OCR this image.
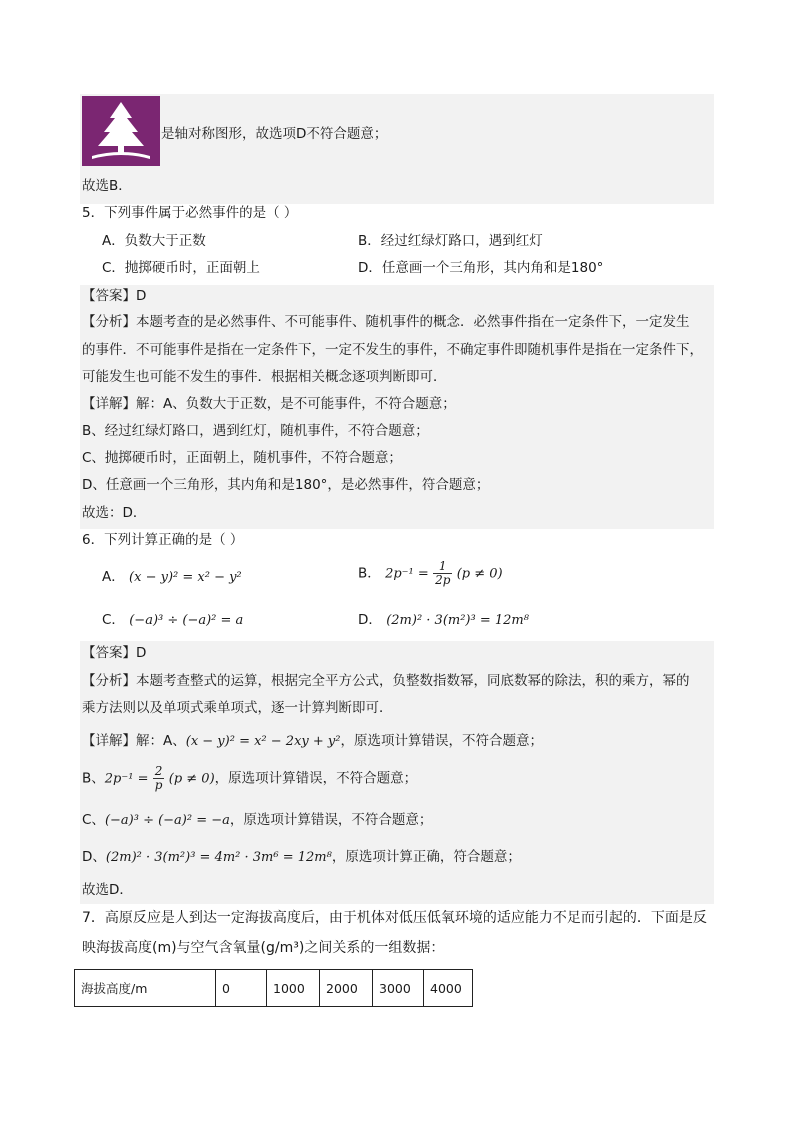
是轴对称图形，故选项D不符合题意；
故选B．
5．下列事件属于必然事件的是（ ）
A．负数大于正数	B．经过红绿灯路口，遇到红灯
C．抛掷硬币时，正面朝上	D．任意画一个三角形，其内角和是180°
【答案】D
【分析】本题考查的是必然事件、不可能事件、随机事件的概念．必然事件指在一定条件下，一定发生
的事件．不可能事件是指在一定条件下，一定不发生的事件，不确定事件即随机事件是指在一定条件下，
可能发生也可能不发生的事件．根据相关概念逐项判断即可．
【详解】解：A、负数大于正数，是不可能事件，不符合题意；
B、经过红绿灯路口，遇到红灯，随机事件，不符合题意；
C、抛掷硬币时，正面朝上，随机事件，不符合题意；
D、任意画一个三角形，其内角和是180°，是必然事件，符合题意；
故选：D．
6．下列计算正确的是（ ）
A． (x − y)² = x² − y²	B． $2p^{-1} = \frac{1}{2p} (p \ne 0)$
C． (−a)³ ÷ (−a)² = a	D． (2m)² · 3(m²)³ = 12m⁸
【答案】D
【分析】本题考查整式的运算，根据完全平方公式，负整数指数幂，同底数幂的除法，积的乘方，幂的
乘方法则以及单项式乘单项式，逐一计算判断即可．
【详解】解：A、(x − y)² = x² − 2xy + y²，原选项计算错误，不符合题意；
B、$2p^{-1} = \frac{2}{p} (p \ne 0)$，原选项计算错误，不符合题意；
C、(−a)³ ÷ (−a)² = −a，原选项计算错误，不符合题意；
D、(2m)² · 3(m²)³ = 4m² · 3m⁶ = 12m⁸，原选项计算正确，符合题意；
故选D．
7．高原反应是人到达一定海拔高度后，由于机体对低压低氧环境的适应能力不足而引起的．下面是反
映海拔高度(m)与空气含氧量(g/m³)之间关系的一组数据：
海拔高度/m	0	1000	2000	3000	4000
